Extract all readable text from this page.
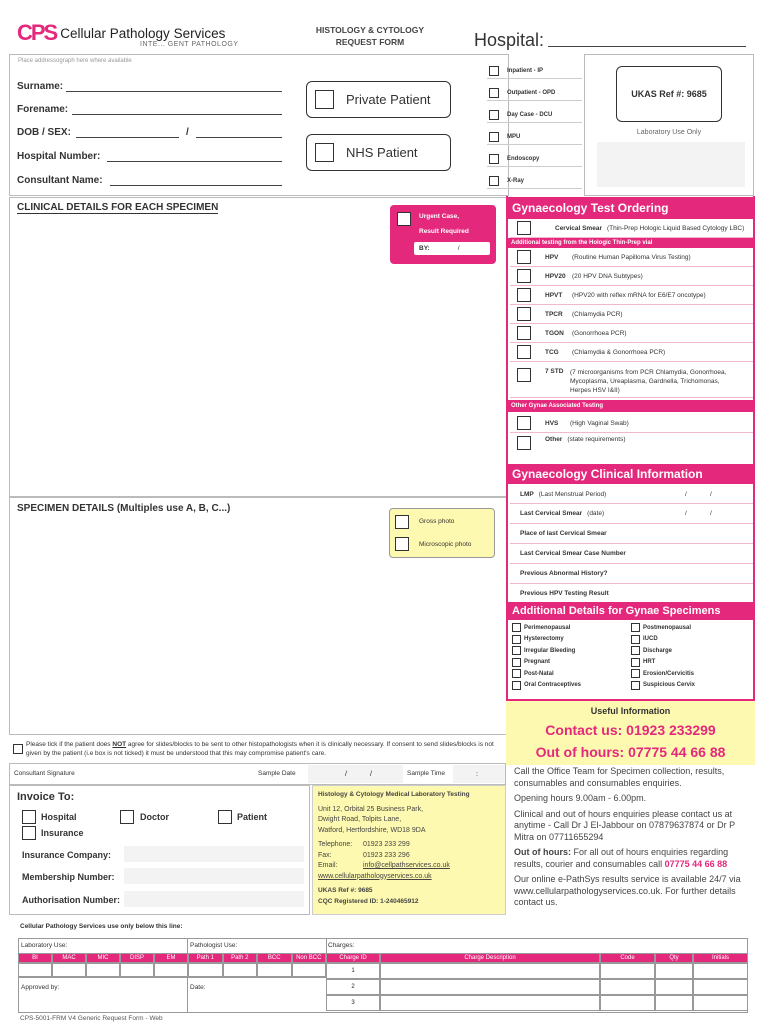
CPS Cellular Pathology Services
INTE... GENT PATHOLOGY
HISTOLOGY & CYTOLOGY
REQUEST FORM	Hospital:
Place addressograph here where available
Surname:
Forename:
DOB / SEX:	/
Hospital Number:
Consultant Name:
Private Patient
NHS Patient
Inpatient - IP
Outpatient - OPD
Day Case - DCU
MPU
Endoscopy
X-Ray
UKAS Ref #: 9685
Laboratory Use Only
CLINICAL DETAILS FOR EACH SPECIMEN
Urgent Case,
Result Required
BY:	/
SPECIMEN DETAILS (Multiples use A, B, C...)
Gross photo
Microscopic photo
Gynaecology Test Ordering
Cervical Smear (Thin-Prep Hologic Liquid Based Cytology LBC)
Additional testing from the Hologic Thin-Prep vial
HPV	(Routine Human Papilloma Virus Testing)
HPV20 (20 HPV DNA Subtypes)
HPVT	(HPV20 with reflex mRNA for E6/E7 oncotype)
TPCR	(Chlamydia PCR)
TGON	(Gonorrhoea PCR)
TCG	(Chlamydia & Gonorrhoea PCR)
7 STD (7 microorganisms from PCR Chlamydia, Gonorrhoea,
Mycoplasma, Ureaplasma, Gardnella, Trichomonas,
Herpes HSV I&II)
Other Gynae Associated Testing
HVS	(High Vaginal Swab)
Other (state requirements)
Gynaecology Clinical Information
LMP (Last Menstrual Period)	/	/
Last Cervical Smear (date)	/	/
Place of last Cervical Smear
Last Cervical Smear Case Number
Previous Abnormal History?
Previous HPV Testing Result
Additional Details for Gynae Specimens
Perimenopausal
Hysterectomy
Irregular Bleeding
Pregnant
Post-Natal
Oral Contraceptives
Postmenopausal
IUCD
Discharge
HRT
Erosion/Cervicitis
Suspicious Cervix
Useful Information
Contact us: 01923 233299
Out of hours: 07775 44 66 88
Call the Office Team for Specimen collection, results, consumables and consumables enquiries.
Opening hours 9.00am - 6.00pm.
Clinical and out of hours enquiries please contact us at anytime - Call Dr J El-Jabbour on 07879637874 or Dr P Mitra on 07711655294
Out of hours: For all out of hours enquiries regarding results, courier and consumables call 07775 44 66 88
Our online e-PathSys results service is available 24/7 via www.cellularpathologyservices.co.uk. For further details contact us.
Please tick if the patient does NOT agree for slides/blocks to be sent to other histopathologists when it is clinically necessary. If consent to send slides/blocks is not given by the patient (i.e box is not ticked) it must be understood that this may compromise patient's care.
Consultant Signature	Sample Date	/	/	Sample Time	:
Invoice To:
Hospital	Doctor	Patient
Insurance
Insurance Company:
Membership Number:
Authorisation Number:
Histology & Cytology Medical Laboratory Testing
Unit 12, Orbital 25 Business Park,
Dwight Road, Tolpits Lane,
Watford, Hertfordshire, WD18 9DA
Telephone:	01923 233 299
Fax:	01923 233 296
Email:	info@cellpathservices.co.uk
www.cellularpathologyservices.co.uk
UKAS Ref #: 9685
CQC Registered ID: 1-240465912
Cellular Pathology Services use only below this line:
Laboratory Use:	Pathologist Use:	Charges:
BI	MAC	MIC	DISP	EM	Path 1	Path 2	BCC	Non BCC	Charge ID	Charge Description	Code	Qty	Initials
1
2
3
Approved by:	Date:
CPS-5001-FRM V4 Generic Request Form - Web
